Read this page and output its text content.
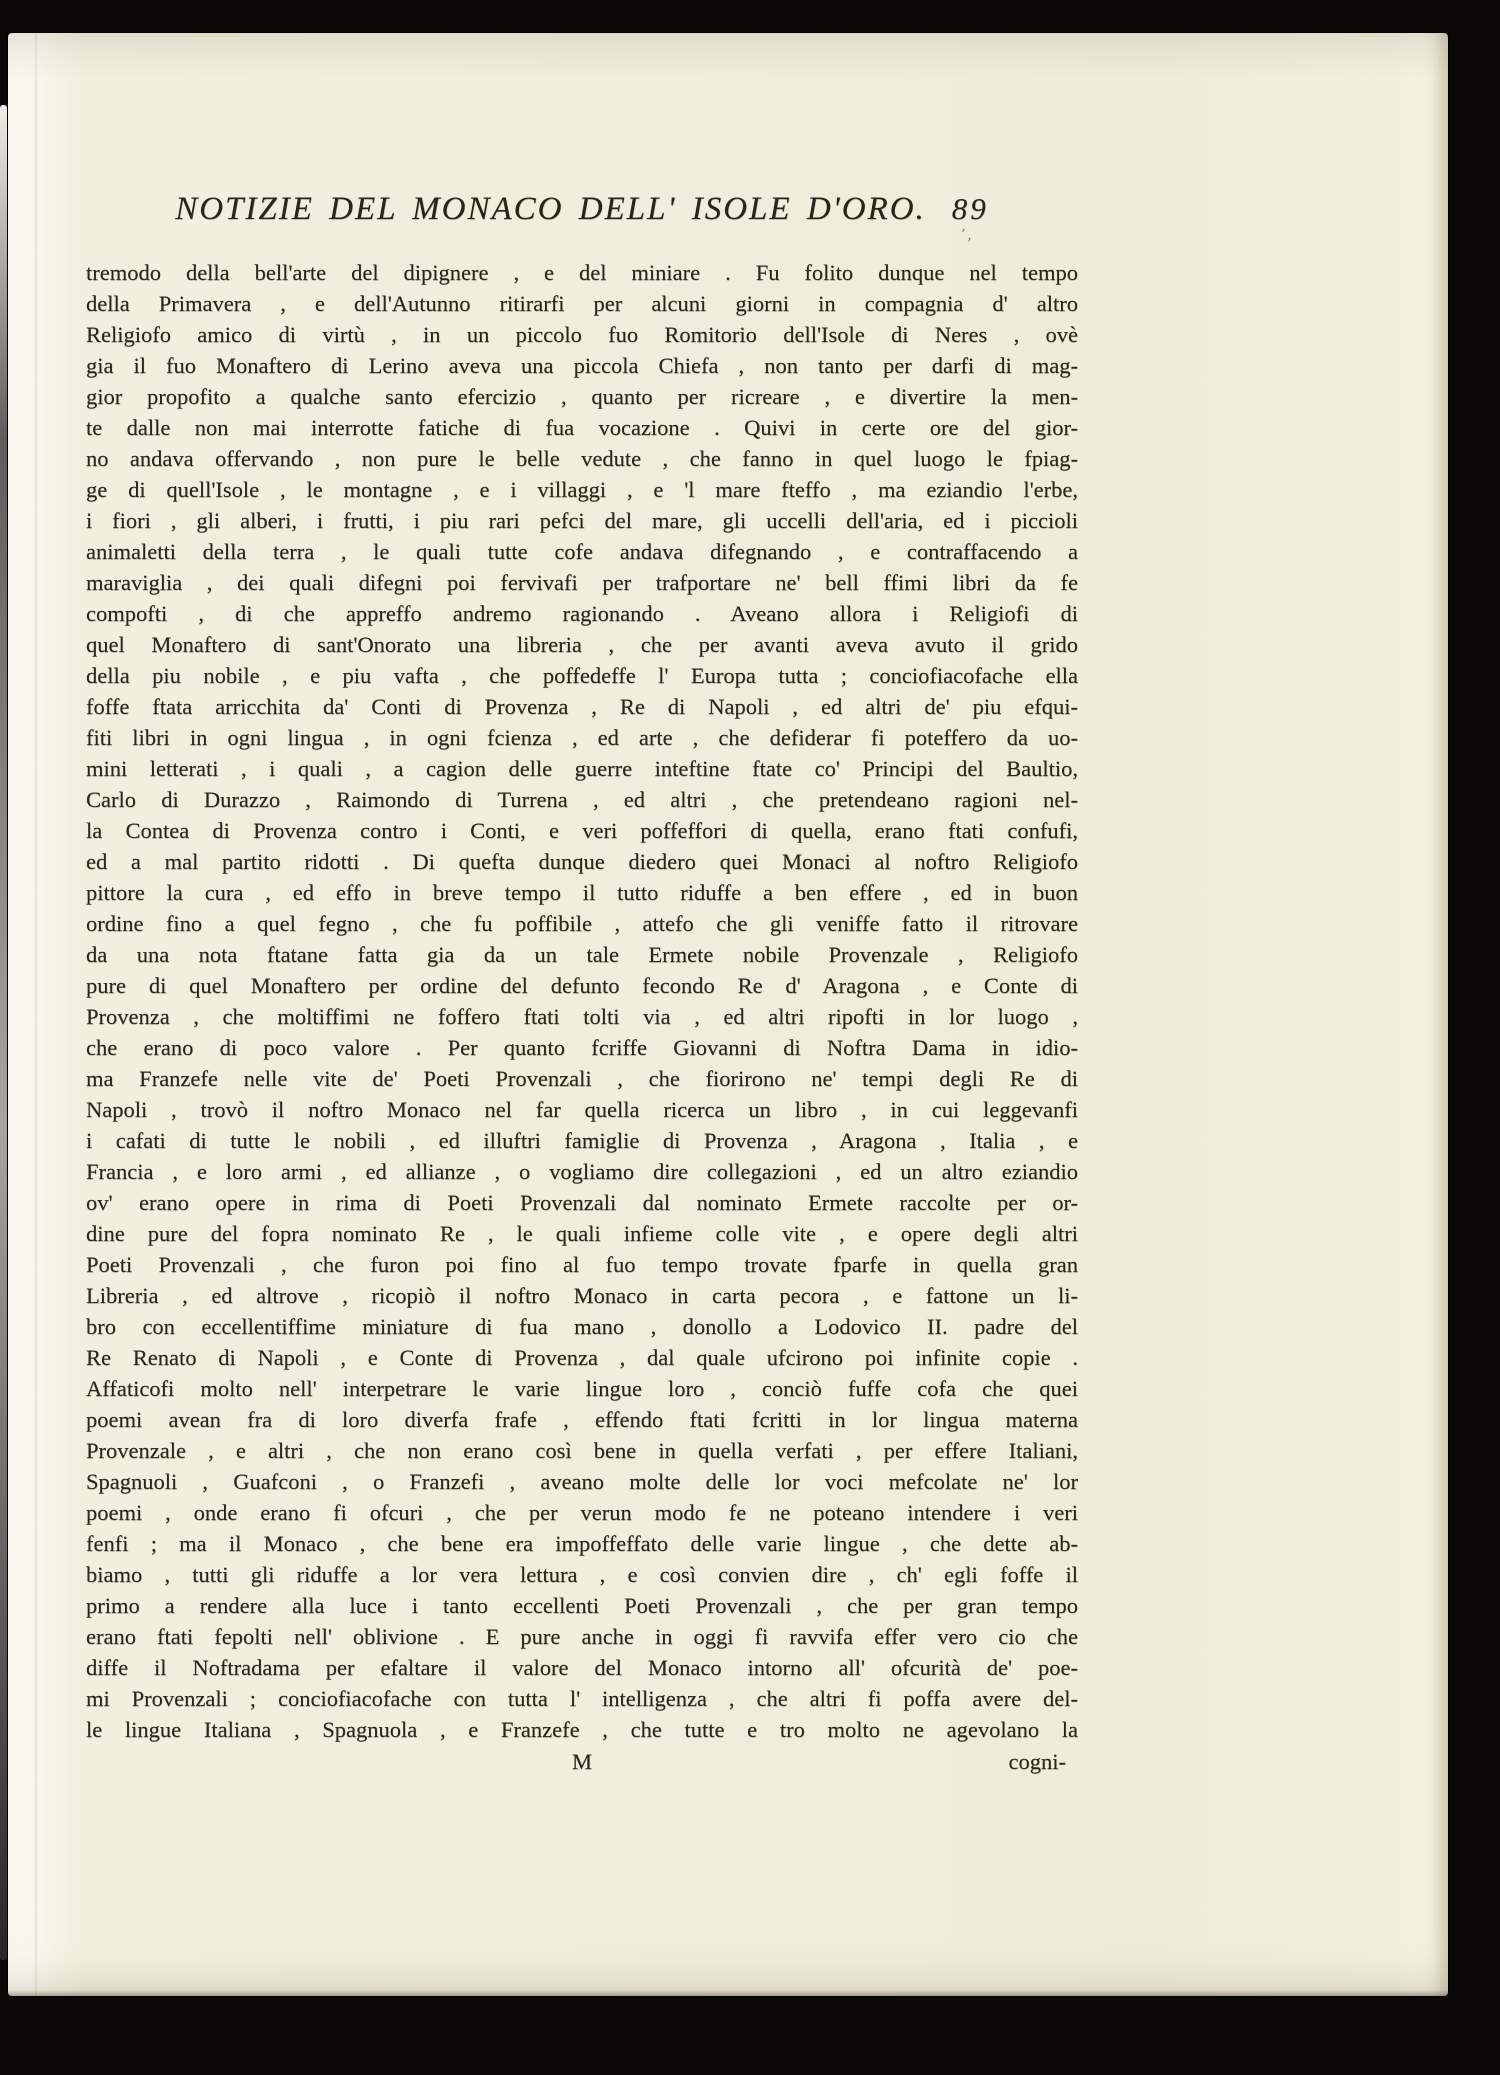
NOTIZIE DEL MONACO DELL' ISOLE D'ORO. 89
’,
tremodo della bell'arte del dipignere , e del miniare . Fu folito dunque nel tempo
della Primavera , e dell'Autunno ritirarfi per alcuni giorni in compagnia d' altro
Religiofo amico di virtù , in un piccolo fuo Romitorio dell'Isole di Neres , ovè
gia il fuo Monaftero di Lerino aveva una piccola Chiefa , non tanto per darfi di mag-
gior propofito a qualche santo efercizio , quanto per ricreare , e divertire la men-
te dalle non mai interrotte fatiche di fua vocazione . Quivi in certe ore del gior-
no andava offervando , non pure le belle vedute , che fanno in quel luogo le fpiag-
ge di quell'Isole , le montagne , e i villaggi , e 'l mare fteffo , ma eziandio l'erbe,
i fiori , gli alberi, i frutti, i piu rari pefci del mare, gli uccelli dell'aria, ed i piccioli
animaletti della terra , le quali tutte cofe andava difegnando , e contraffacendo a
maraviglia , dei quali difegni poi fervivafi per trafportare ne' bell ffimi libri da fe
compofti , di che appreffo andremo ragionando . Aveano allora i Religiofi di
quel Monaftero di sant'Onorato una libreria , che per avanti aveva avuto il grido
della piu nobile , e piu vafta , che poffedeffe l' Europa tutta ; conciofiacofache ella
foffe ftata arricchita da' Conti di Provenza , Re di Napoli , ed altri de' piu efqui-
fiti libri in ogni lingua , in ogni fcienza , ed arte , che defiderar fi poteffero da uo-
mini letterati , i quali , a cagion delle guerre inteftine ftate co' Principi del Baultio,
Carlo di Durazzo , Raimondo di Turrena , ed altri , che pretendeano ragioni nel-
la Contea di Provenza contro i Conti, e veri poffeffori di quella, erano ftati confufi,
ed a mal partito ridotti . Di quefta dunque diedero quei Monaci al noftro Religiofo
pittore la cura , ed effo in breve tempo il tutto riduffe a ben effere , ed in buon
ordine fino a quel fegno , che fu poffibile , attefo che gli veniffe fatto il ritrovare
da una nota ftatane fatta gia da un tale Ermete nobile Provenzale , Religiofo
pure di quel Monaftero per ordine del defunto fecondo Re d' Aragona , e Conte di
Provenza , che moltiffimi ne foffero ftati tolti via , ed altri ripofti in lor luogo ,
che erano di poco valore . Per quanto fcriffe Giovanni di Noftra Dama in idio-
ma Franzefe nelle vite de' Poeti Provenzali , che fiorirono ne' tempi degli Re di
Napoli , trovò il noftro Monaco nel far quella ricerca un libro , in cui leggevanfi
i cafati di tutte le nobili , ed illuftri famiglie di Provenza , Aragona , Italia , e
Francia , e loro armi , ed allianze , o vogliamo dire collegazioni , ed un altro eziandio
ov' erano opere in rima di Poeti Provenzali dal nominato Ermete raccolte per or-
dine pure del fopra nominato Re , le quali infieme colle vite , e opere degli altri
Poeti Provenzali , che furon poi fino al fuo tempo trovate fparfe in quella gran
Libreria , ed altrove , ricopiò il noftro Monaco in carta pecora , e fattone un li-
bro con eccellentiffime miniature di fua mano , donollo a Lodovico II. padre del
Re Renato di Napoli , e Conte di Provenza , dal quale ufcirono poi infinite copie .
Affaticofi molto nell' interpetrare le varie lingue loro , conciò fuffe cofa che quei
poemi avean fra di loro diverfa frafe , effendo ftati fcritti in lor lingua materna
Provenzale , e altri , che non erano così bene in quella verfati , per effere Italiani,
Spagnuoli , Guafconi , o Franzefi , aveano molte delle lor voci mefcolate ne' lor
poemi , onde erano fi ofcuri , che per verun modo fe ne poteano intendere i veri
fenfi ; ma il Monaco , che bene era impoffeffato delle varie lingue , che dette ab-
biamo , tutti gli riduffe a lor vera lettura , e così convien dire , ch' egli foffe il
primo a rendere alla luce i tanto eccellenti Poeti Provenzali , che per gran tempo
erano ftati fepolti nell' oblivione . E pure anche in oggi fi ravvifa effer vero cio che
diffe il Noftradama per efaltare il valore del Monaco intorno all' ofcurità de' poe-
mi Provenzali ; conciofiacofache con tutta l' intelligenza , che altri fi poffa avere del-
le lingue Italiana , Spagnuola , e Franzefe , che tutte e tro molto ne agevolano la
M	cogni-
